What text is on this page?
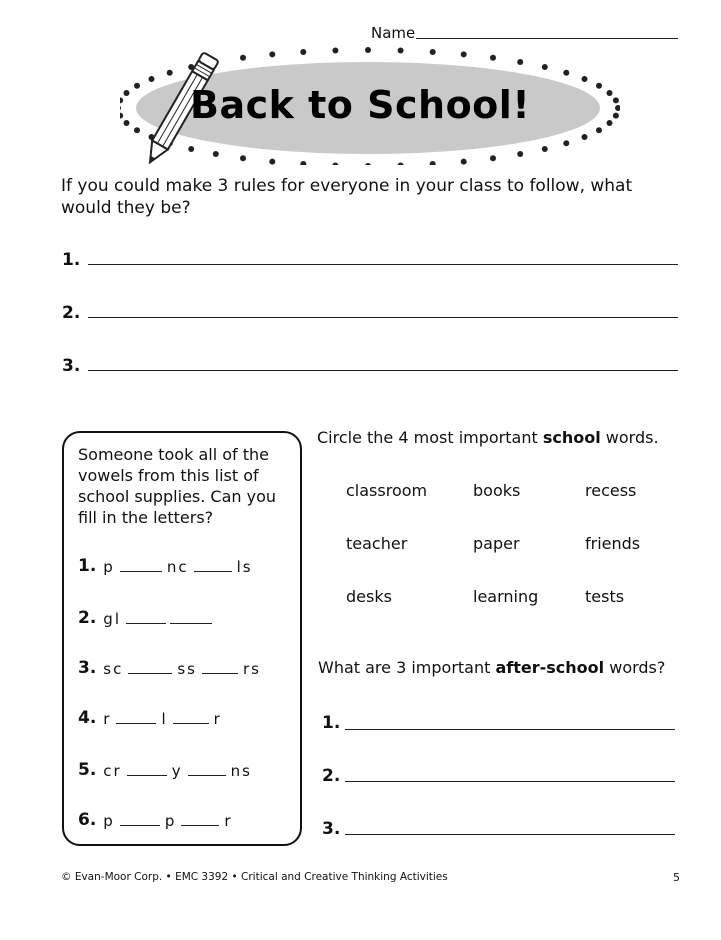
Name
Back to School!
If you could make 3 rules for everyone in your class to follow, what would they be?
1.
2.
3.
Someone took all of the vowels from this list of school supplies. Can you fill in the letters?
1. p	nc	ls
2. gl
3. sc	ss	rs
4. r	l	r
5. cr	y	ns
6. p	p	r
Circle the 4 most important school words.
classroom	books	recess
teacher	paper	friends
desks	learning	tests
What are 3 important after-school words?
1.
2.
3.
© Evan-Moor Corp. • EMC 3392 • Critical and Creative Thinking Activities	5
